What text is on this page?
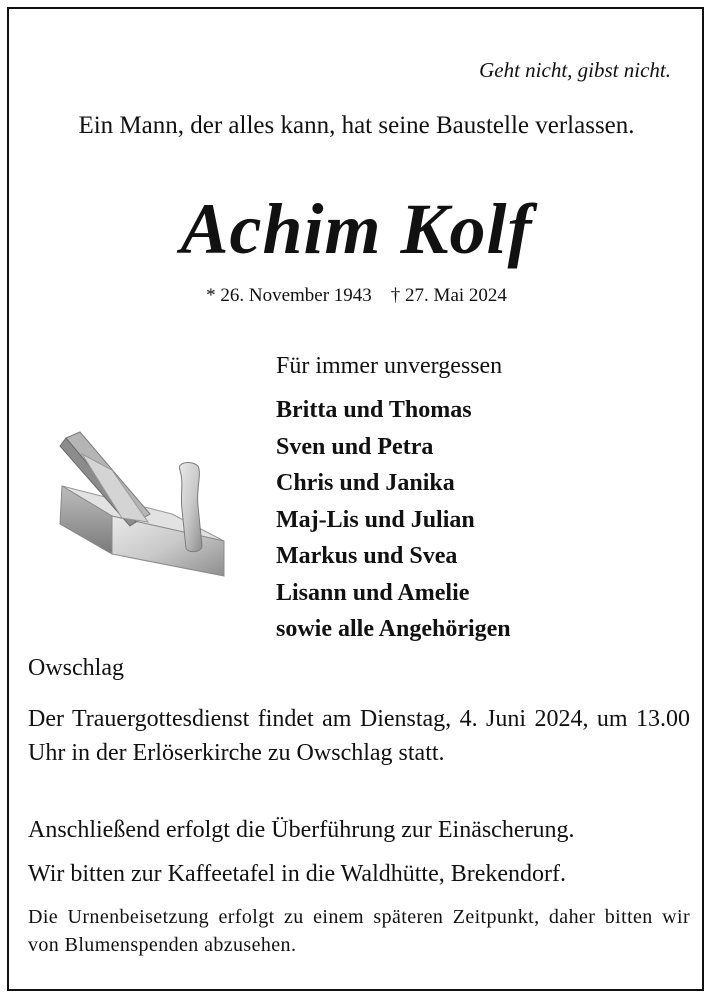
Geht nicht, gibst nicht.
Ein Mann, der alles kann, hat seine Baustelle verlassen.
Achim Kolf
* 26. November 1943 † 27. Mai 2024
Für immer unvergessen
Britta und Thomas
Sven und Petra
Chris und Janika
Maj-Lis und Julian
Markus und Svea
Lisann und Amelie
sowie alle Angehörigen
Owschlag
Der Trauergottesdienst findet am Dienstag, 4. Juni 2024, um 13.00 Uhr in der Erlöserkirche zu Owschlag statt.
Anschließend erfolgt die Überführung zur Einäscherung.
Wir bitten zur Kaffeetafel in die Waldhütte, Brekendorf.
Die Urnenbeisetzung erfolgt zu einem späteren Zeitpunkt, daher bitten wir von Blumenspenden abzusehen.
